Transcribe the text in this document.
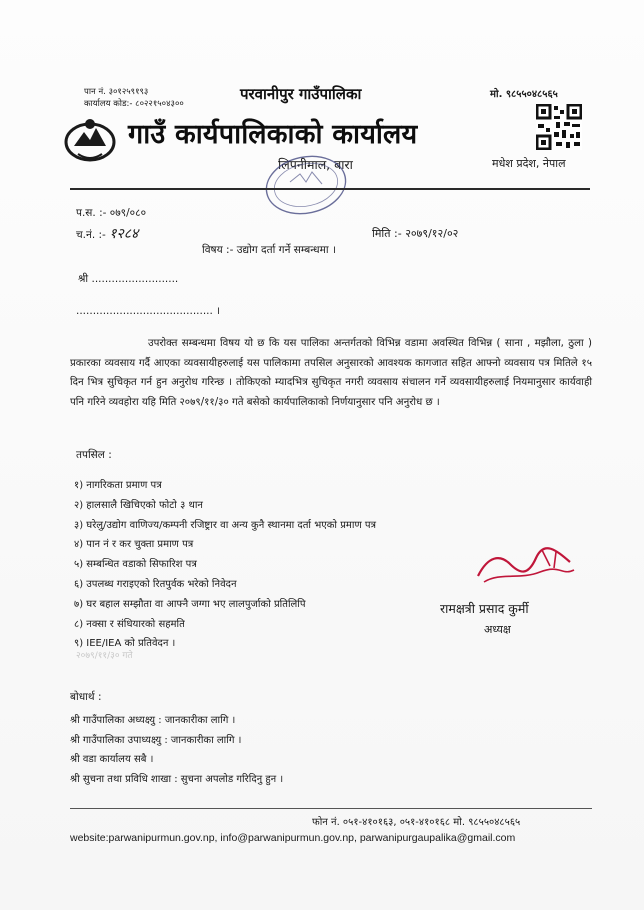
पान नं. ३०१२५९१९३
कार्यालय कोड:- ८०२२१५०४३००
परवानीपुर गाउँपालिका	मो. ९८५५०४८५६५
गाउँ कार्यपालिकाको कार्यालय
लिपनीमाल, बारा	मधेश प्रदेश, नेपाल
प.स. :- ०७९/०८०
च.नं. :- १२८४	मिति :- २०७९/१२/०२
विषय :- उद्योग दर्ता गर्ने सम्बन्धमा ।
श्री ..........................
......................................... ।

उपरोक्त सम्बन्धमा विषय यो छ कि यस पालिका अन्तर्गतको विभिन्न वडामा अवस्थित विभिन्न ( साना , मझौला, ठुला ) प्रकारका व्यवसाय गर्दै आएका व्यवसायीहरुलाई यस पालिकामा तपसिल अनुसारको आवश्यक कागजात सहित आफ्नो व्यवसाय पत्र मितिले १५ दिन भित्र सुचिकृत गर्न हुन अनुरोध गरिन्छ । तोकिएको म्यादभित्र सुचिकृत नगरी व्यवसाय संचालन गर्ने व्यवसायीहरुलाई नियमानुसार कार्यवाही पनि गरिने व्यवहोरा यहि मिति २०७९/११/३० गते बसेको कार्यपालिकाको निर्णयानुसार पनि अनुरोध छ ।

तपसिल :
१) नागरिकता प्रमाण पत्र
२) हालसालै खिचिएको फोटो ३ थान
३) घरेलु/उद्योग वाणिज्य/कम्पनी रजिष्ट्रार वा अन्य कुनै स्थानमा दर्ता भएको प्रमाण पत्र
४) पान नं र कर चुक्ता प्रमाण पत्र
५) सम्बन्धित वडाको सिफारिश पत्र
६) उपलब्ध गराइएको रितपुर्वक भरेको निवेदन
७) घर बहाल सम्झौता वा आफ्नै जग्गा भए लालपुर्जाको प्रतिलिपि
८) नक्सा र संधियारको सहमति
९) IEE/IEA को प्रतिवेदन ।
रामक्षत्री प्रसाद कुर्मी
अध्यक्ष
२०७९/११/३० गते
बोधार्थ :
श्री गाउँपालिका अध्यक्ष्यु : जानकारीका लागि ।
श्री गाउँपालिका उपाध्यक्ष्यु : जानकारीका लागि ।
श्री वडा कार्यालय सबै ।
श्री सुचना तथा प्रविधि शाखा : सुचना अपलोड गरिदिनु हुन ।
फोन नं. ०५१-४१०१६३, ०५१-४१०१६८ मो. ९८५५०४८५६५
website:parwanipurmun.gov.np, info@parwanipurmun.gov.np, parwanipurgaupalika@gmail.com
